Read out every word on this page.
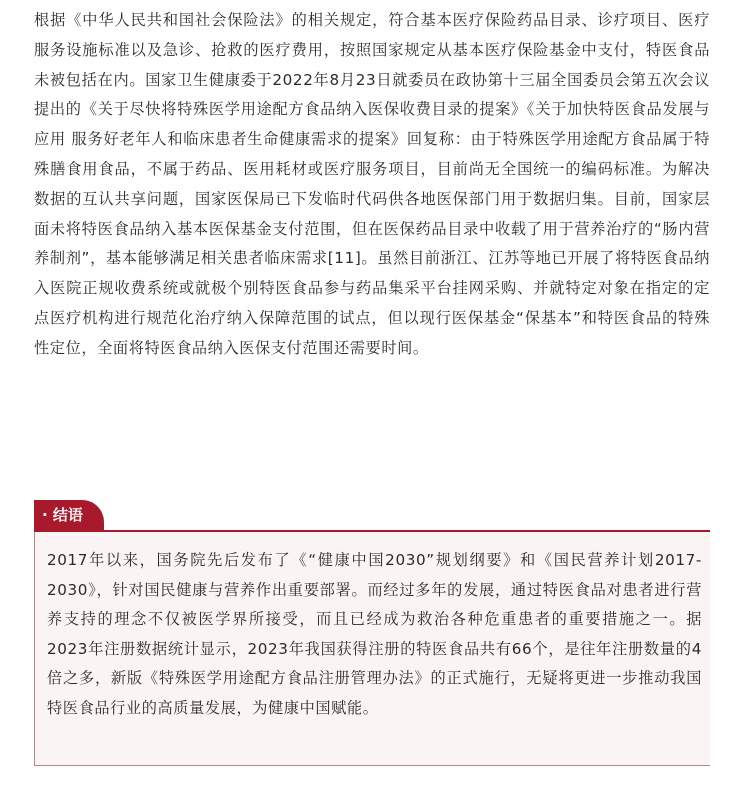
根据《中华人民共和国社会保险法》的相关规定，符合基本医疗保险药品目录、诊疗项目、医疗服务设施标准以及急诊、抢救的医疗费用，按照国家规定从基本医疗保险基金中支付，特医食品未被包括在内。国家卫生健康委于2022年8月23日就委员在政协第十三届全国委员会第五次会议提出的《关于尽快将特殊医学用途配方食品纳入医保收费目录的提案》《关于加快特医食品发展与应用 服务好老年人和临床患者生命健康需求的提案》回复称：由于特殊医学用途配方食品属于特殊膳食用食品，不属于药品、医用耗材或医疗服务项目，目前尚无全国统一的编码标准。为解决数据的互认共享问题，国家医保局已下发临时代码供各地医保部门用于数据归集。目前，国家层面未将特医食品纳入基本医保基金支付范围，但在医保药品目录中收载了用于营养治疗的“肠内营养制剂”，基本能够满足相关患者临床需求[11]。虽然目前浙江、江苏等地已开展了将特医食品纳入医院正规收费系统或就极个别特医食品参与药品集采平台挂网采购、并就特定对象在指定的定点医疗机构进行规范化治疗纳入保障范围的试点，但以现行医保基金“保基本”和特医食品的特殊性定位，全面将特医食品纳入医保支付范围还需要时间。

· 结语

2017年以来，国务院先后发布了《“健康中国2030”规划纲要》和《国民营养计划2017-2030》，针对国民健康与营养作出重要部署。而经过多年的发展，通过特医食品对患者进行营养支持的理念不仅被医学界所接受，而且已经成为救治各种危重患者的重要措施之一。据2023年注册数据统计显示，2023年我国获得注册的特医食品共有66个，是往年注册数量的4倍之多，新版《特殊医学用途配方食品注册管理办法》的正式施行，无疑将更进一步推动我国特医食品行业的高质量发展，为健康中国赋能。
